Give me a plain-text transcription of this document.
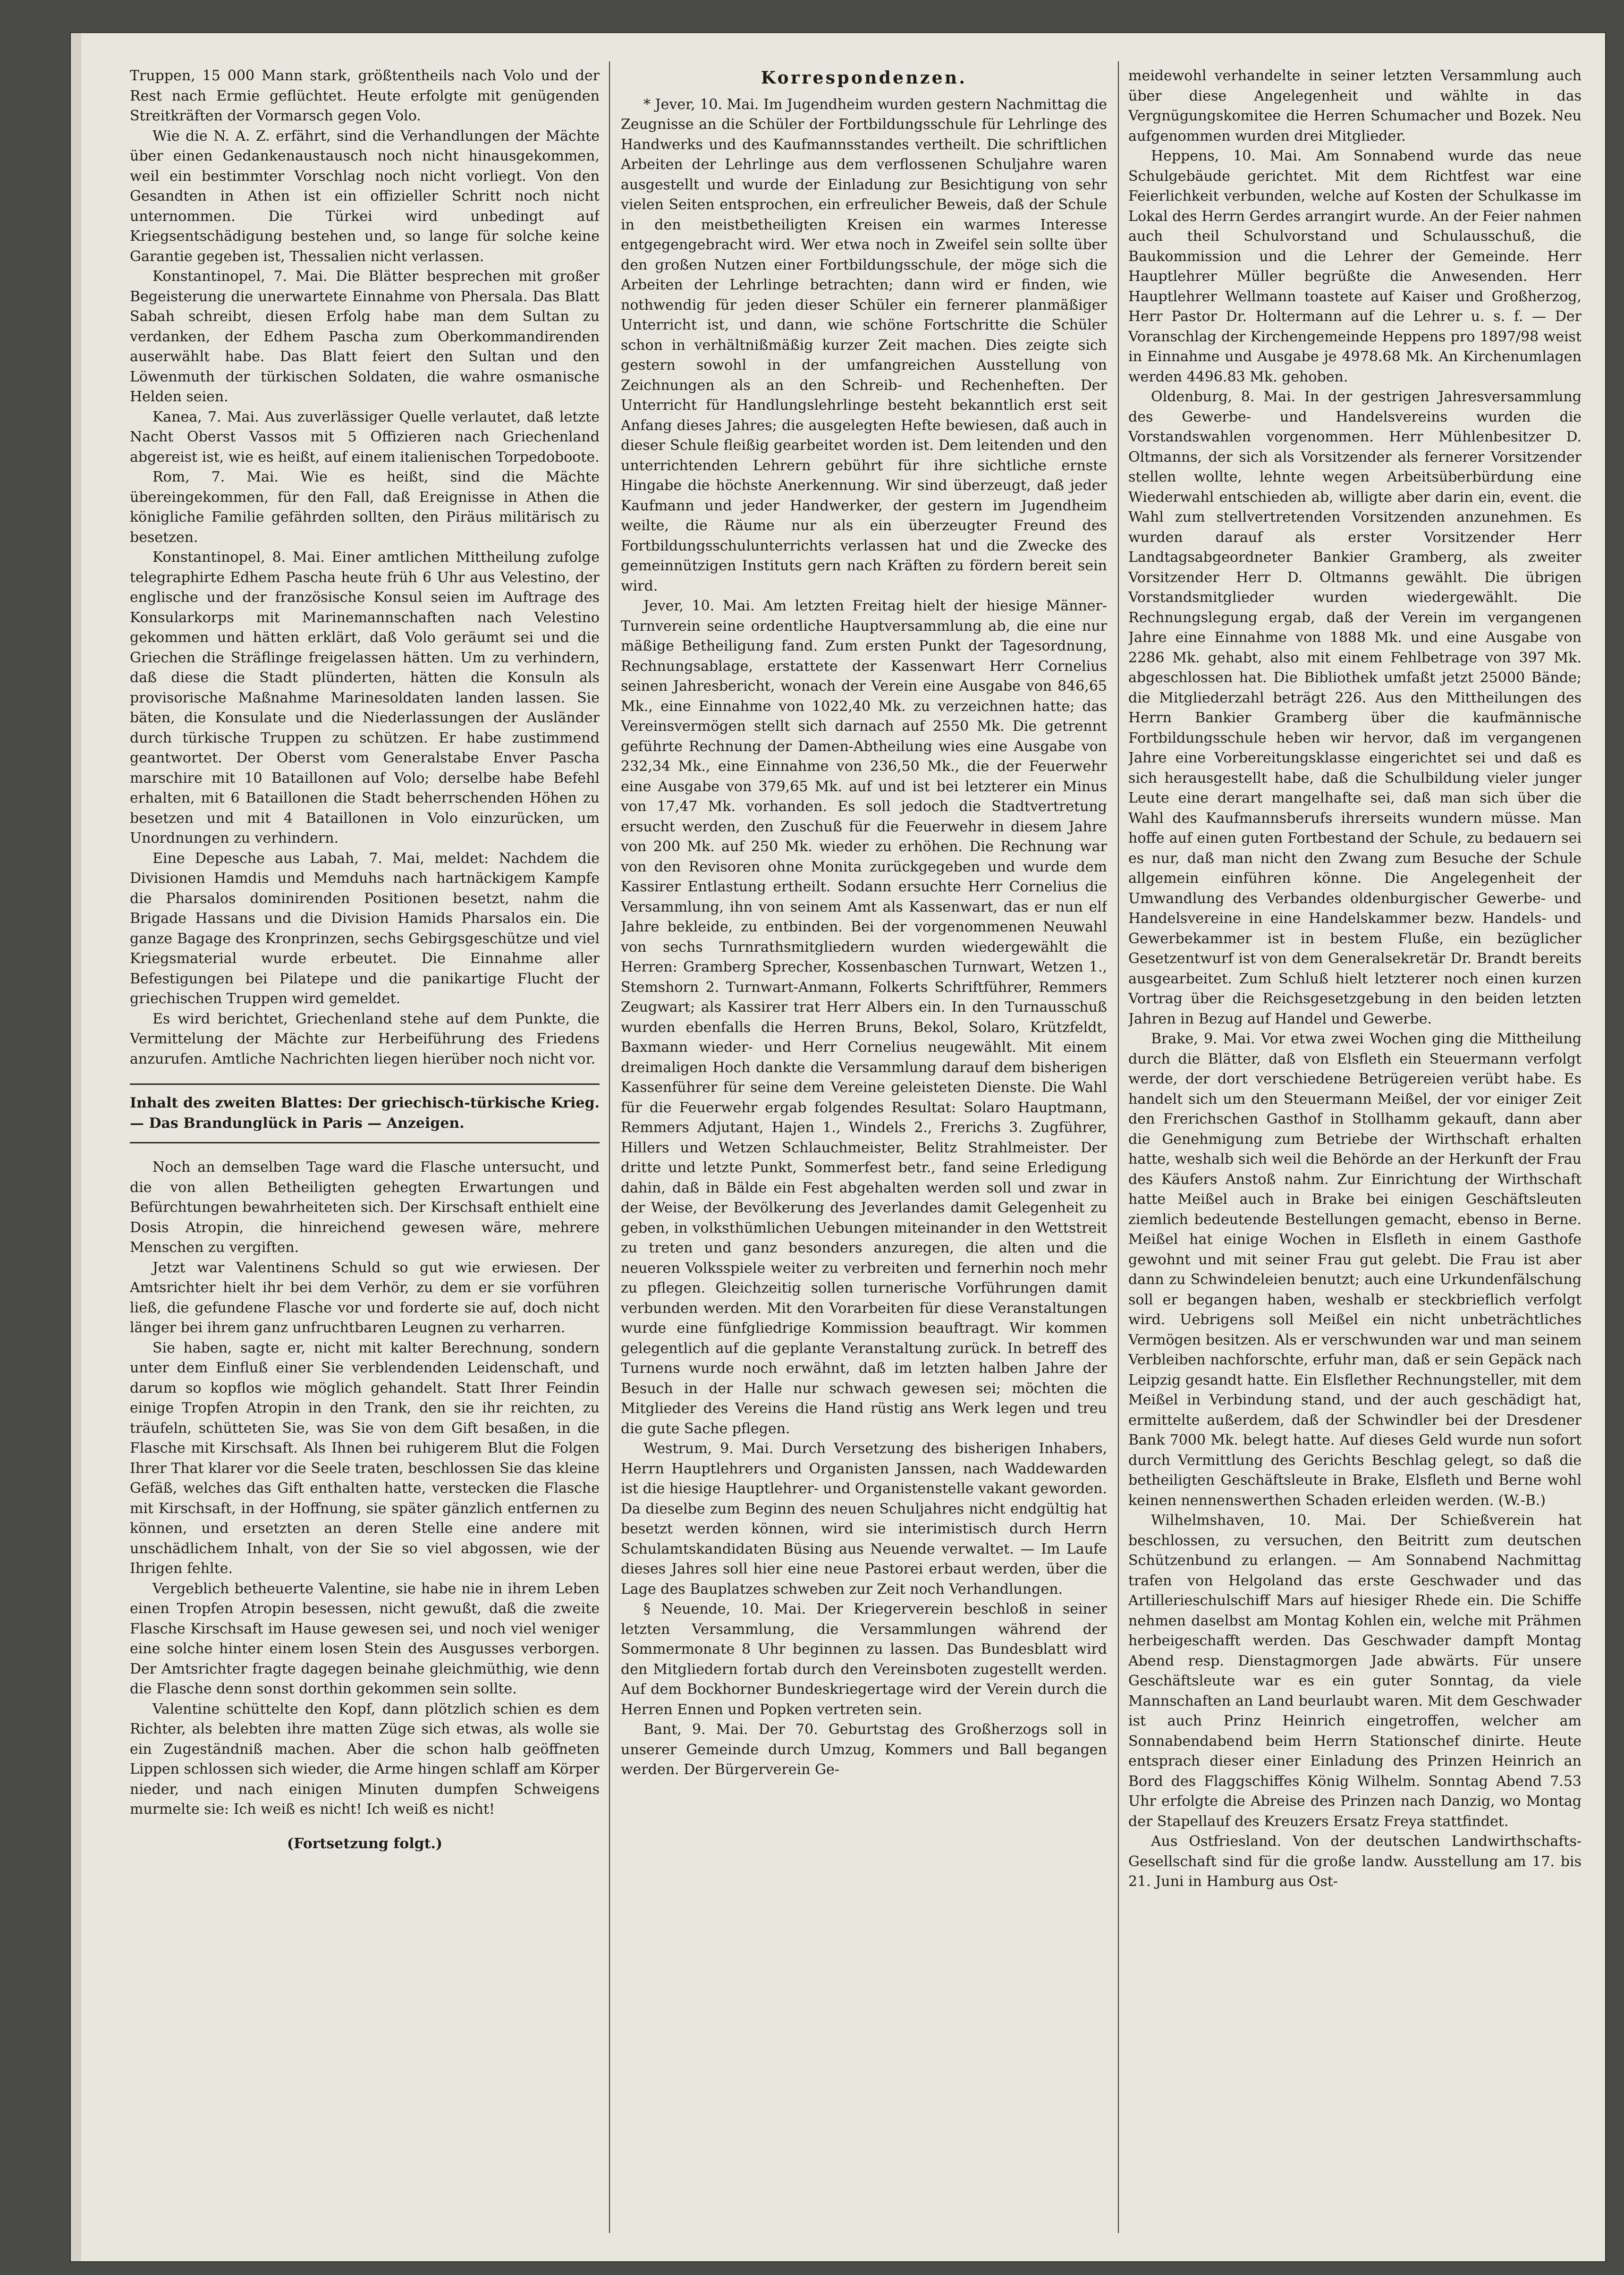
Truppen, 15 000 Mann stark, größtentheils nach Volo und der Rest nach Ermie geflüchtet. Heute erfolgte mit genügenden Streitkräften der Vormarsch gegen Volo.

Wie die N. A. Z. erfährt, sind die Verhandlungen der Mächte über einen Gedankenaustausch noch nicht hinausgekommen, weil ein bestimmter Vorschlag noch nicht vorliegt. Von den Gesandten in Athen ist ein offizieller Schritt noch nicht unternommen. Die Türkei wird unbedingt auf Kriegsentschädigung bestehen und, so lange für solche keine Garantie gegeben ist, Thessalien nicht verlassen.

Konstantinopel, 7. Mai. Die Blätter besprechen mit großer Begeisterung die unerwartete Einnahme von Phersala. Das Blatt Sabah schreibt, diesen Erfolg habe man dem Sultan zu verdanken, der Edhem Pascha zum Oberkommandirenden auserwählt habe. Das Blatt feiert den Sultan und den Löwenmuth der türkischen Soldaten, die wahre osmanische Helden seien.

Kanea, 7. Mai. Aus zuverlässiger Quelle verlautet, daß letzte Nacht Oberst Vassos mit 5 Offizieren nach Griechenland abgereist ist, wie es heißt, auf einem italienischen Torpedoboote.

Rom, 7. Mai. Wie es heißt, sind die Mächte übereingekommen, für den Fall, daß Ereignisse in Athen die königliche Familie gefährden sollten, den Piräus militärisch zu besetzen.

Konstantinopel, 8. Mai. Einer amtlichen Mittheilung zufolge telegraphirte Edhem Pascha heute früh 6 Uhr aus Velestino, der englische und der französische Konsul seien im Auftrage des Konsularkorps mit Marinemannschaften nach Velestino gekommen und hätten erklärt, daß Volo geräumt sei und die Griechen die Sträflinge freigelassen hätten. Um zu verhindern, daß diese die Stadt plünderten, hätten die Konsuln als provisorische Maßnahme Marinesoldaten landen lassen. Sie bäten, die Konsulate und die Niederlassungen der Ausländer durch türkische Truppen zu schützen. Er habe zustimmend geantwortet. Der Oberst vom Generalstabe Enver Pascha marschire mit 10 Bataillonen auf Volo; derselbe habe Befehl erhalten, mit 6 Bataillonen die Stadt beherrschenden Höhen zu besetzen und mit 4 Bataillonen in Volo einzurücken, um Unordnungen zu verhindern.

Eine Depesche aus Labah, 7. Mai, meldet: Nachdem die Divisionen Hamdis und Memduhs nach hartnäckigem Kampfe die Pharsalos dominirenden Positionen besetzt, nahm die Brigade Hassans und die Division Hamids Pharsalos ein. Die ganze Bagage des Kronprinzen, sechs Gebirgsgeschütze und viel Kriegsmaterial wurde erbeutet. Die Einnahme aller Befestigungen bei Pilatepe und die panikartige Flucht der griechischen Truppen wird gemeldet.

Es wird berichtet, Griechenland stehe auf dem Punkte, die Vermittelung der Mächte zur Herbeiführung des Friedens anzurufen. Amtliche Nachrichten liegen hierüber noch nicht vor.

Inhalt des zweiten Blattes: Der griechisch-türkische Krieg. — Das Brandunglück in Paris — Anzeigen.

Noch an demselben Tage ward die Flasche untersucht, und die von allen Betheiligten gehegten Erwartungen und Befürchtungen bewahrheiteten sich. Der Kirschsaft enthielt eine Dosis Atropin, die hinreichend gewesen wäre, mehrere Menschen zu vergiften.

Jetzt war Valentinens Schuld so gut wie erwiesen. Der Amtsrichter hielt ihr bei dem Verhör, zu dem er sie vorführen ließ, die gefundene Flasche vor und forderte sie auf, doch nicht länger bei ihrem ganz unfruchtbaren Leugnen zu verharren.

Sie haben, sagte er, nicht mit kalter Berechnung, sondern unter dem Einfluß einer Sie verblendenden Leidenschaft, und darum so kopflos wie möglich gehandelt. Statt Ihrer Feindin einige Tropfen Atropin in den Trank, den sie ihr reichten, zu träufeln, schütteten Sie, was Sie von dem Gift besaßen, in die Flasche mit Kirschsaft. Als Ihnen bei ruhigerem Blut die Folgen Ihrer That klarer vor die Seele traten, beschlossen Sie das kleine Gefäß, welches das Gift enthalten hatte, verstecken die Flasche mit Kirschsaft, in der Hoffnung, sie später gänzlich entfernen zu können, und ersetzten an deren Stelle eine andere mit unschädlichem Inhalt, von der Sie so viel abgossen, wie der Ihrigen fehlte.

Vergeblich betheuerte Valentine, sie habe nie in ihrem Leben einen Tropfen Atropin besessen, nicht gewußt, daß die zweite Flasche Kirschsaft im Hause gewesen sei, und noch viel weniger eine solche hinter einem losen Stein des Ausgusses verborgen. Der Amtsrichter fragte dagegen beinahe gleichmüthig, wie denn die Flasche denn sonst dorthin gekommen sein sollte.

Valentine schüttelte den Kopf, dann plötzlich schien es dem Richter, als belebten ihre matten Züge sich etwas, als wolle sie ein Zugeständniß machen. Aber die schon halb geöffneten Lippen schlossen sich wieder, die Arme hingen schlaff am Körper nieder, und nach einigen Minuten dumpfen Schweigens murmelte sie: Ich weiß es nicht! Ich weiß es nicht!

(Fortsetzung folgt.)
Korrespondenzen.

* Jever, 10. Mai. Im Jugendheim wurden gestern Nachmittag die Zeugnisse an die Schüler der Fortbildungsschule für Lehrlinge des Handwerks und des Kaufmannsstandes vertheilt. Die schriftlichen Arbeiten der Lehrlinge aus dem verflossenen Schuljahre waren ausgestellt und wurde der Einladung zur Besichtigung von sehr vielen Seiten entsprochen, ein erfreulicher Beweis, daß der Schule in den meistbetheiligten Kreisen ein warmes Interesse entgegengebracht wird. Wer etwa noch in Zweifel sein sollte über den großen Nutzen einer Fortbildungsschule, der möge sich die Arbeiten der Lehrlinge betrachten; dann wird er finden, wie nothwendig für jeden dieser Schüler ein fernerer planmäßiger Unterricht ist, und dann, wie schöne Fortschritte die Schüler schon in verhältnißmäßig kurzer Zeit machen. Dies zeigte sich gestern sowohl in der umfangreichen Ausstellung von Zeichnungen als an den Schreib- und Rechenheften. Der Unterricht für Handlungslehrlinge besteht bekanntlich erst seit Anfang dieses Jahres; die ausgelegten Hefte bewiesen, daß auch in dieser Schule fleißig gearbeitet worden ist. Dem leitenden und den unterrichtenden Lehrern gebührt für ihre sichtliche ernste Hingabe die höchste Anerkennung. Wir sind überzeugt, daß jeder Kaufmann und jeder Handwerker, der gestern im Jugendheim weilte, die Räume nur als ein überzeugter Freund des Fortbildungsschulunterrichts verlassen hat und die Zwecke des gemeinnützigen Instituts gern nach Kräften zu fördern bereit sein wird.

Jever, 10. Mai. Am letzten Freitag hielt der hiesige Männer-Turnverein seine ordentliche Hauptversammlung ab, die eine nur mäßige Betheiligung fand. Zum ersten Punkt der Tagesordnung, Rechnungsablage, erstattete der Kassenwart Herr Cornelius seinen Jahresbericht, wonach der Verein eine Ausgabe von 846,65 Mk., eine Einnahme von 1022,40 Mk. zu verzeichnen hatte; das Vereinsvermögen stellt sich darnach auf 2550 Mk. Die getrennt geführte Rechnung der Damen-Abtheilung wies eine Ausgabe von 232,34 Mk., eine Einnahme von 236,50 Mk., die der Feuerwehr eine Ausgabe von 379,65 Mk. auf und ist bei letzterer ein Minus von 17,47 Mk. vorhanden. Es soll jedoch die Stadtvertretung ersucht werden, den Zuschuß für die Feuerwehr in diesem Jahre von 200 Mk. auf 250 Mk. wieder zu erhöhen. Die Rechnung war von den Revisoren ohne Monita zurückgegeben und wurde dem Kassirer Entlastung ertheilt. Sodann ersuchte Herr Cornelius die Versammlung, ihn von seinem Amt als Kassenwart, das er nun elf Jahre bekleide, zu entbinden. Bei der vorgenommenen Neuwahl von sechs Turnrathsmitgliedern wurden wiedergewählt die Herren: Gramberg Sprecher, Kossenbaschen Turnwart, Wetzen 1., Stemshorn 2. Turnwart-Anmann, Folkerts Schriftführer, Remmers Zeugwart; als Kassirer trat Herr Albers ein. In den Turnausschuß wurden ebenfalls die Herren Bruns, Bekol, Solaro, Krützfeldt, Baxmann wieder- und Herr Cornelius neugewählt. Mit einem dreimaligen Hoch dankte die Versammlung darauf dem bisherigen Kassenführer für seine dem Vereine geleisteten Dienste. Die Wahl für die Feuerwehr ergab folgendes Resultat: Solaro Hauptmann, Remmers Adjutant, Hajen 1., Windels 2., Frerichs 3. Zugführer, Hillers und Wetzen Schlauchmeister, Belitz Strahlmeister. Der dritte und letzte Punkt, Sommerfest betr., fand seine Erledigung dahin, daß in Bälde ein Fest abgehalten werden soll und zwar in der Weise, der Bevölkerung des Jeverlandes damit Gelegenheit zu geben, in volksthümlichen Uebungen miteinander in den Wettstreit zu treten und ganz besonders anzuregen, die alten und die neueren Volksspiele weiter zu verbreiten und fernerhin noch mehr zu pflegen. Gleichzeitig sollen turnerische Vorführungen damit verbunden werden. Mit den Vorarbeiten für diese Veranstaltungen wurde eine fünfgliedrige Kommission beauftragt. Wir kommen gelegentlich auf die geplante Veranstaltung zurück. In betreff des Turnens wurde noch erwähnt, daß im letzten halben Jahre der Besuch in der Halle nur schwach gewesen sei; möchten die Mitglieder des Vereins die Hand rüstig ans Werk legen und treu die gute Sache pflegen.

Westrum, 9. Mai. Durch Versetzung des bisherigen Inhabers, Herrn Hauptlehrers und Organisten Janssen, nach Waddewarden ist die hiesige Hauptlehrer- und Organistenstelle vakant geworden. Da dieselbe zum Beginn des neuen Schuljahres nicht endgültig hat besetzt werden können, wird sie interimistisch durch Herrn Schulamtskandidaten Büsing aus Neuende verwaltet. — Im Laufe dieses Jahres soll hier eine neue Pastorei erbaut werden, über die Lage des Bauplatzes schweben zur Zeit noch Verhandlungen.

§ Neuende, 10. Mai. Der Kriegerverein beschloß in seiner letzten Versammlung, die Versammlungen während der Sommermonate 8 Uhr beginnen zu lassen. Das Bundesblatt wird den Mitgliedern fortab durch den Vereinsboten zugestellt werden. Auf dem Bockhorner Bundeskriegertage wird der Verein durch die Herren Ennen und Popken vertreten sein.

Bant, 9. Mai. Der 70. Geburtstag des Großherzogs soll in unserer Gemeinde durch Umzug, Kommers und Ball begangen werden. Der Bürgerverein Ge-

meidewohl verhandelte in seiner letzten Versammlung auch über diese Angelegenheit und wählte in das Vergnügungskomitee die Herren Schumacher und Bozek. Neu aufgenommen wurden drei Mitglieder.

Heppens, 10. Mai. Am Sonnabend wurde das neue Schulgebäude gerichtet. Mit dem Richtfest war eine Feierlichkeit verbunden, welche auf Kosten der Schulkasse im Lokal des Herrn Gerdes arrangirt wurde. An der Feier nahmen auch theil Schulvorstand und Schulausschuß, die Baukommission und die Lehrer der Gemeinde. Herr Hauptlehrer Müller begrüßte die Anwesenden. Herr Hauptlehrer Wellmann toastete auf Kaiser und Großherzog, Herr Pastor Dr. Holtermann auf die Lehrer u. s. f. — Der Voranschlag der Kirchengemeinde Heppens pro 1897/98 weist in Einnahme und Ausgabe je 4978.68 Mk. An Kirchenumlagen werden 4496.83 Mk. gehoben.

Oldenburg, 8. Mai. In der gestrigen Jahresversammlung des Gewerbe- und Handelsvereins wurden die Vorstandswahlen vorgenommen. Herr Mühlenbesitzer D. Oltmanns, der sich als Vorsitzender als fernerer Vorsitzender stellen wollte, lehnte wegen Arbeitsüberbürdung eine Wiederwahl entschieden ab, willigte aber darin ein, event. die Wahl zum stellvertretenden Vorsitzenden anzunehmen. Es wurden darauf als erster Vorsitzender Herr Landtagsabgeordneter Bankier Gramberg, als zweiter Vorsitzender Herr D. Oltmanns gewählt. Die übrigen Vorstandsmitglieder wurden wiedergewählt. Die Rechnungslegung ergab, daß der Verein im vergangenen Jahre eine Einnahme von 1888 Mk. und eine Ausgabe von 2286 Mk. gehabt, also mit einem Fehlbetrage von 397 Mk. abgeschlossen hat. Die Bibliothek umfaßt jetzt 25000 Bände; die Mitgliederzahl beträgt 226. Aus den Mittheilungen des Herrn Bankier Gramberg über die kaufmännische Fortbildungsschule heben wir hervor, daß im vergangenen Jahre eine Vorbereitungsklasse eingerichtet sei und daß es sich herausgestellt habe, daß die Schulbildung vieler junger Leute eine derart mangelhafte sei, daß man sich über die Wahl des Kaufmannsberufs ihrerseits wundern müsse. Man hoffe auf einen guten Fortbestand der Schule, zu bedauern sei es nur, daß man nicht den Zwang zum Besuche der Schule allgemein einführen könne. Die Angelegenheit der Umwandlung des Verbandes oldenburgischer Gewerbe- und Handelsvereine in eine Handelskammer bezw. Handels- und Gewerbekammer ist in bestem Fluße, ein bezüglicher Gesetzentwurf ist von dem Generalsekretär Dr. Brandt bereits ausgearbeitet. Zum Schluß hielt letzterer noch einen kurzen Vortrag über die Reichsgesetzgebung in den beiden letzten Jahren in Bezug auf Handel und Gewerbe.

Brake, 9. Mai. Vor etwa zwei Wochen ging die Mittheilung durch die Blätter, daß von Elsfleth ein Steuermann verfolgt werde, der dort verschiedene Betrügereien verübt habe. Es handelt sich um den Steuermann Meißel, der vor einiger Zeit den Frerichschen Gasthof in Stollhamm gekauft, dann aber die Genehmigung zum Betriebe der Wirthschaft erhalten hatte, weshalb sich weil die Behörde an der Herkunft der Frau des Käufers Anstoß nahm. Zur Einrichtung der Wirthschaft hatte Meißel auch in Brake bei einigen Geschäftsleuten ziemlich bedeutende Bestellungen gemacht, ebenso in Berne. Meißel hat einige Wochen in Elsfleth in einem Gasthofe gewohnt und mit seiner Frau gut gelebt. Die Frau ist aber dann zu Schwindeleien benutzt; auch eine Urkundenfälschung soll er begangen haben, weshalb er steckbrieflich verfolgt wird. Uebrigens soll Meißel ein nicht unbeträchtliches Vermögen besitzen. Als er verschwunden war und man seinem Verbleiben nachforschte, erfuhr man, daß er sein Gepäck nach Leipzig gesandt hatte. Ein Elsflether Rechnungsteller, mit dem Meißel in Verbindung stand, und der auch geschädigt hat, ermittelte außerdem, daß der Schwindler bei der Dresdener Bank 7000 Mk. belegt hatte. Auf dieses Geld wurde nun sofort durch Vermittlung des Gerichts Beschlag gelegt, so daß die betheiligten Geschäftsleute in Brake, Elsfleth und Berne wohl keinen nennenswerthen Schaden erleiden werden. (W.-B.)

Wilhelmshaven, 10. Mai. Der Schießverein hat beschlossen, zu versuchen, den Beitritt zum deutschen Schützenbund zu erlangen. — Am Sonnabend Nachmittag trafen von Helgoland das erste Geschwader und das Artillerieschulschiff Mars auf hiesiger Rhede ein. Die Schiffe nehmen daselbst am Montag Kohlen ein, welche mit Prähmen herbeigeschafft werden. Das Geschwader dampft Montag Abend resp. Dienstagmorgen Jade abwärts. Für unsere Geschäftsleute war es ein guter Sonntag, da viele Mannschaften an Land beurlaubt waren. Mit dem Geschwader ist auch Prinz Heinrich eingetroffen, welcher am Sonnabendabend beim Herrn Stationschef dinirte. Heute entsprach dieser einer Einladung des Prinzen Heinrich an Bord des Flaggschiffes König Wilhelm. Sonntag Abend 7.53 Uhr erfolgte die Abreise des Prinzen nach Danzig, wo Montag der Stapellauf des Kreuzers Ersatz Freya stattfindet.

Aus Ostfriesland. Von der deutschen Landwirthschafts-Gesellschaft sind für die große landw. Ausstellung am 17. bis 21. Juni in Hamburg aus Ost-
